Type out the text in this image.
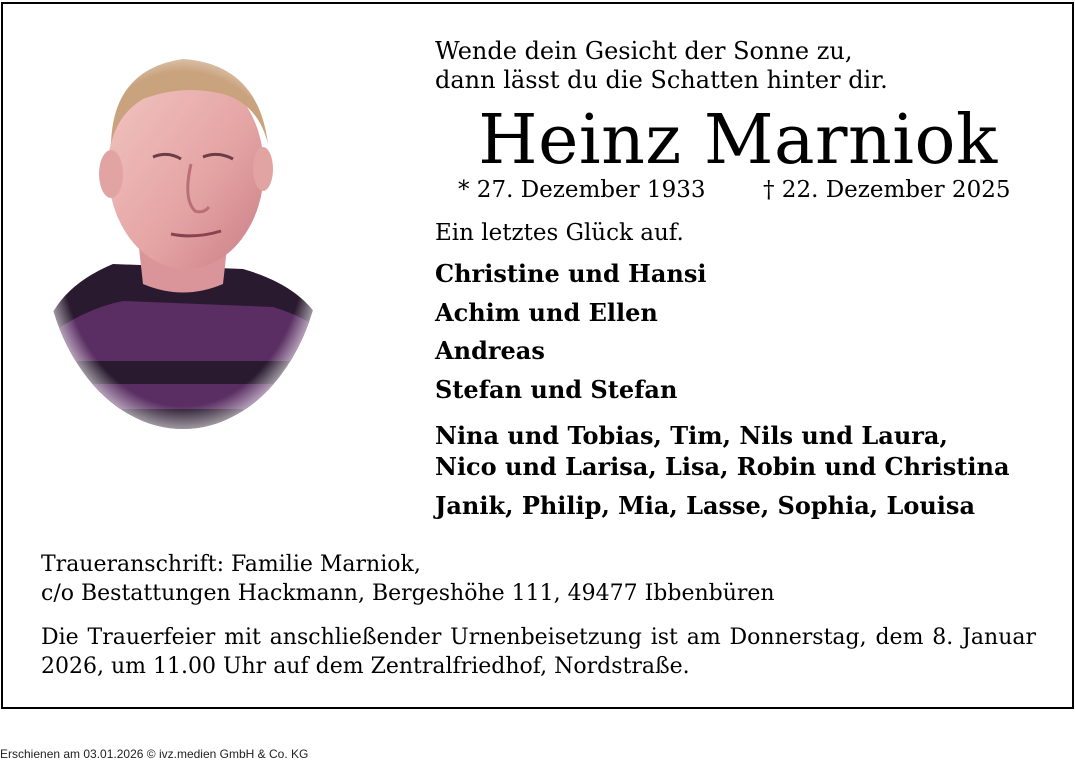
Wende dein Gesicht der Sonne zu,
dann lässt du die Schatten hinter dir.
Heinz Marniok
* 27. Dezember 1933	† 22. Dezember 2025
Ein letztes Glück auf.
Christine und Hansi
Achim und Ellen
Andreas
Stefan und Stefan
Nina und Tobias, Tim, Nils und Laura,
Nico und Larisa, Lisa, Robin und Christina
Janik, Philip, Mia, Lasse, Sophia, Louisa
Traueranschrift: Familie Marniok,
c/o Bestattungen Hackmann, Bergeshöhe 111, 49477 Ibbenbüren
Die Trauerfeier mit anschließender Urnenbeisetzung ist am Donnerstag, dem 8. Januar 2026, um 11.00 Uhr auf dem Zentralfriedhof, Nordstraße.
Erschienen am 03.01.2026 © ivz.medien GmbH & Co. KG
